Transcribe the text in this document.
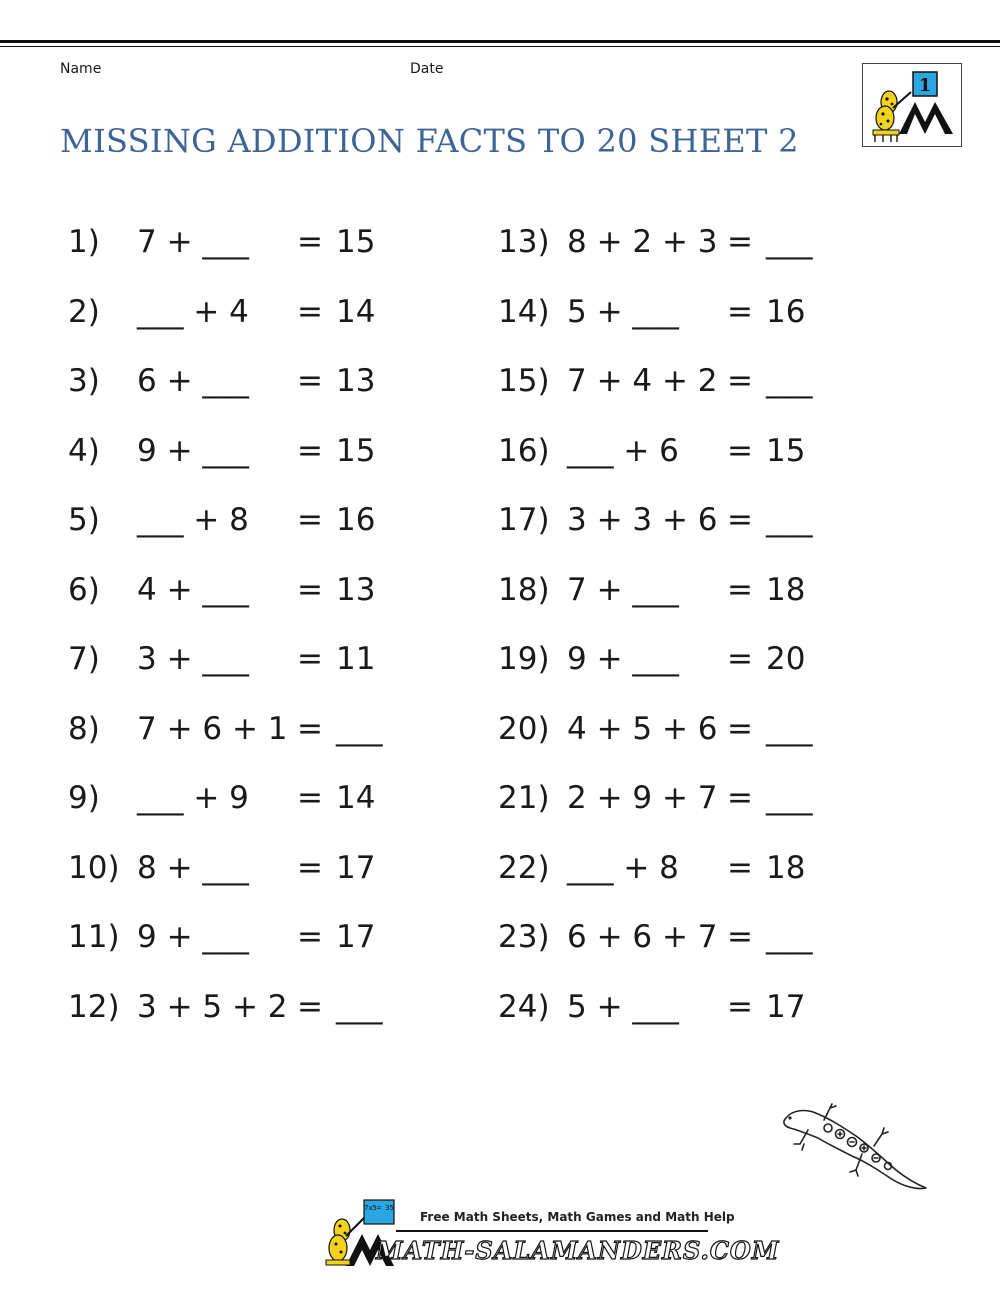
Name	Date
MISSING ADDITION FACTS TO 20 SHEET 2
1
1) 7 + ___ = 15
2) ___ + 4 = 14
3) 6 + ___ = 13
4) 9 + ___ = 15
5) ___ + 8 = 16
6) 4 + ___ = 13
7) 3 + ___ = 11
8) 7 + 6 + 1 = ___
9) ___ + 9 = 14
10) 8 + ___ = 17
11) 9 + ___ = 17
12) 3 + 5 + 2 = ___
13) 8 + 2 + 3 = ___
14) 5 + ___ = 16
15) 7 + 4 + 2 = ___
16) ___ + 6 = 15
17) 3 + 3 + 6 = ___
18) 7 + ___ = 18
19) 9 + ___ = 20
20) 4 + 5 + 6 = ___
21) 2 + 9 + 7 = ___
22) ___ + 8 = 18
23) 6 + 6 + 7 = ___
24) 5 + ___ = 17
7x5= 35
Free Math Sheets, Math Games and Math Help
MATH-SALAMANDERS.COM
